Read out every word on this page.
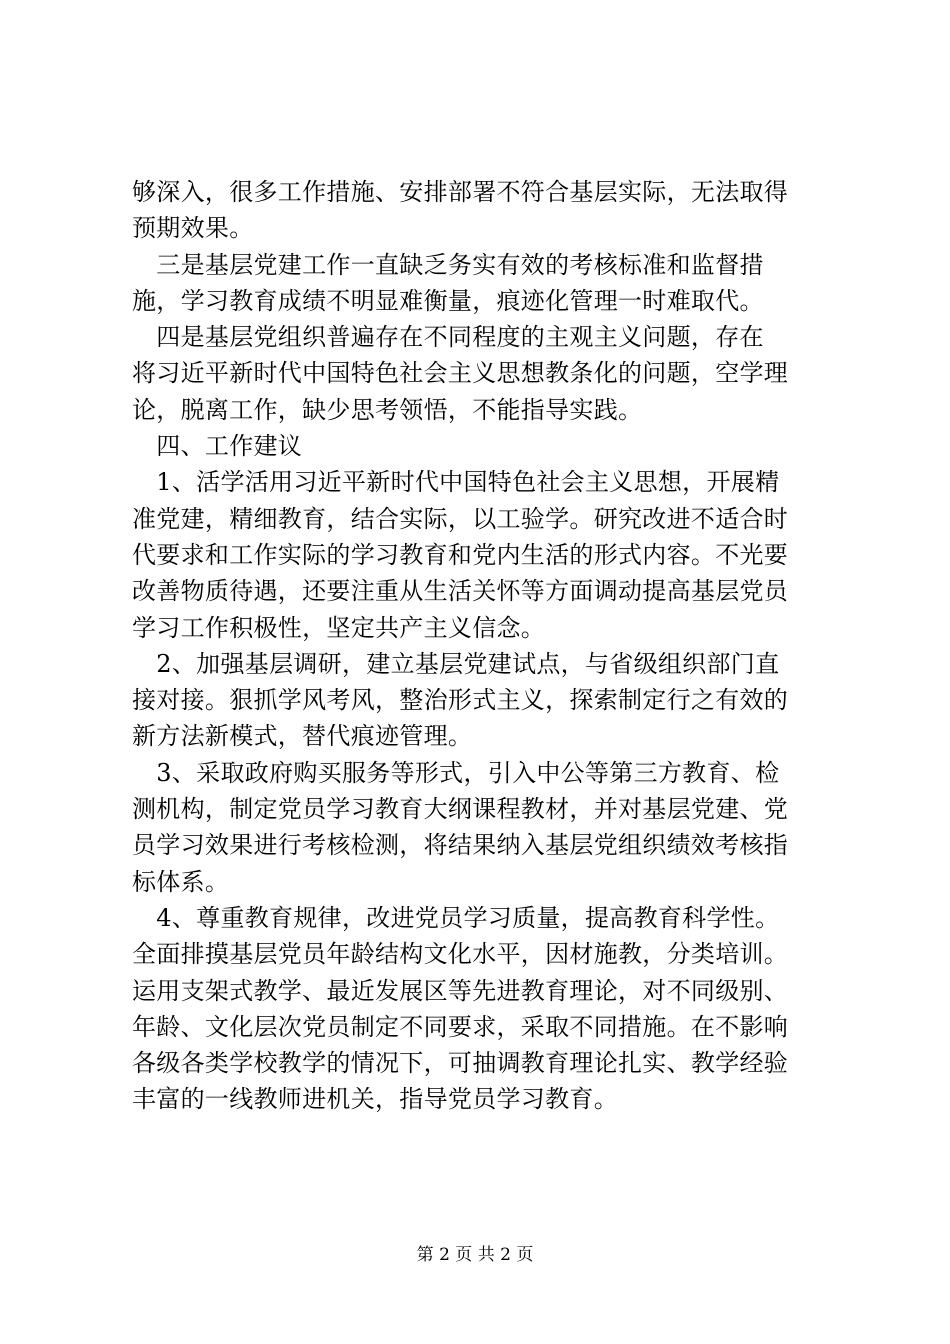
够深入，很多工作措施、安排部署不符合基层实际，无法取得
预期效果。
　三是基层党建工作一直缺乏务实有效的考核标准和监督措
施，学习教育成绩不明显难衡量，痕迹化管理一时难取代。
　四是基层党组织普遍存在不同程度的主观主义问题，存在
将习近平新时代中国特色社会主义思想教条化的问题，空学理
论，脱离工作，缺少思考领悟，不能指导实践。
　四、工作建议
　1、活学活用习近平新时代中国特色社会主义思想，开展精
准党建，精细教育，结合实际，以工验学。研究改进不适合时
代要求和工作实际的学习教育和党内生活的形式内容。不光要
改善物质待遇，还要注重从生活关怀等方面调动提高基层党员
学习工作积极性，坚定共产主义信念。
　2、加强基层调研，建立基层党建试点，与省级组织部门直
接对接。狠抓学风考风，整治形式主义，探索制定行之有效的
新方法新模式，替代痕迹管理。
　3、采取政府购买服务等形式，引入中公等第三方教育、检
测机构，制定党员学习教育大纲课程教材，并对基层党建、党
员学习效果进行考核检测，将结果纳入基层党组织绩效考核指
标体系。
　4、尊重教育规律，改进党员学习质量，提高教育科学性。
全面排摸基层党员年龄结构文化水平，因材施教，分类培训。
运用支架式教学、最近发展区等先进教育理论，对不同级别、
年龄、文化层次党员制定不同要求，采取不同措施。在不影响
各级各类学校教学的情况下，可抽调教育理论扎实、教学经验
丰富的一线教师进机关，指导党员学习教育。
第 2 页 共 2 页
